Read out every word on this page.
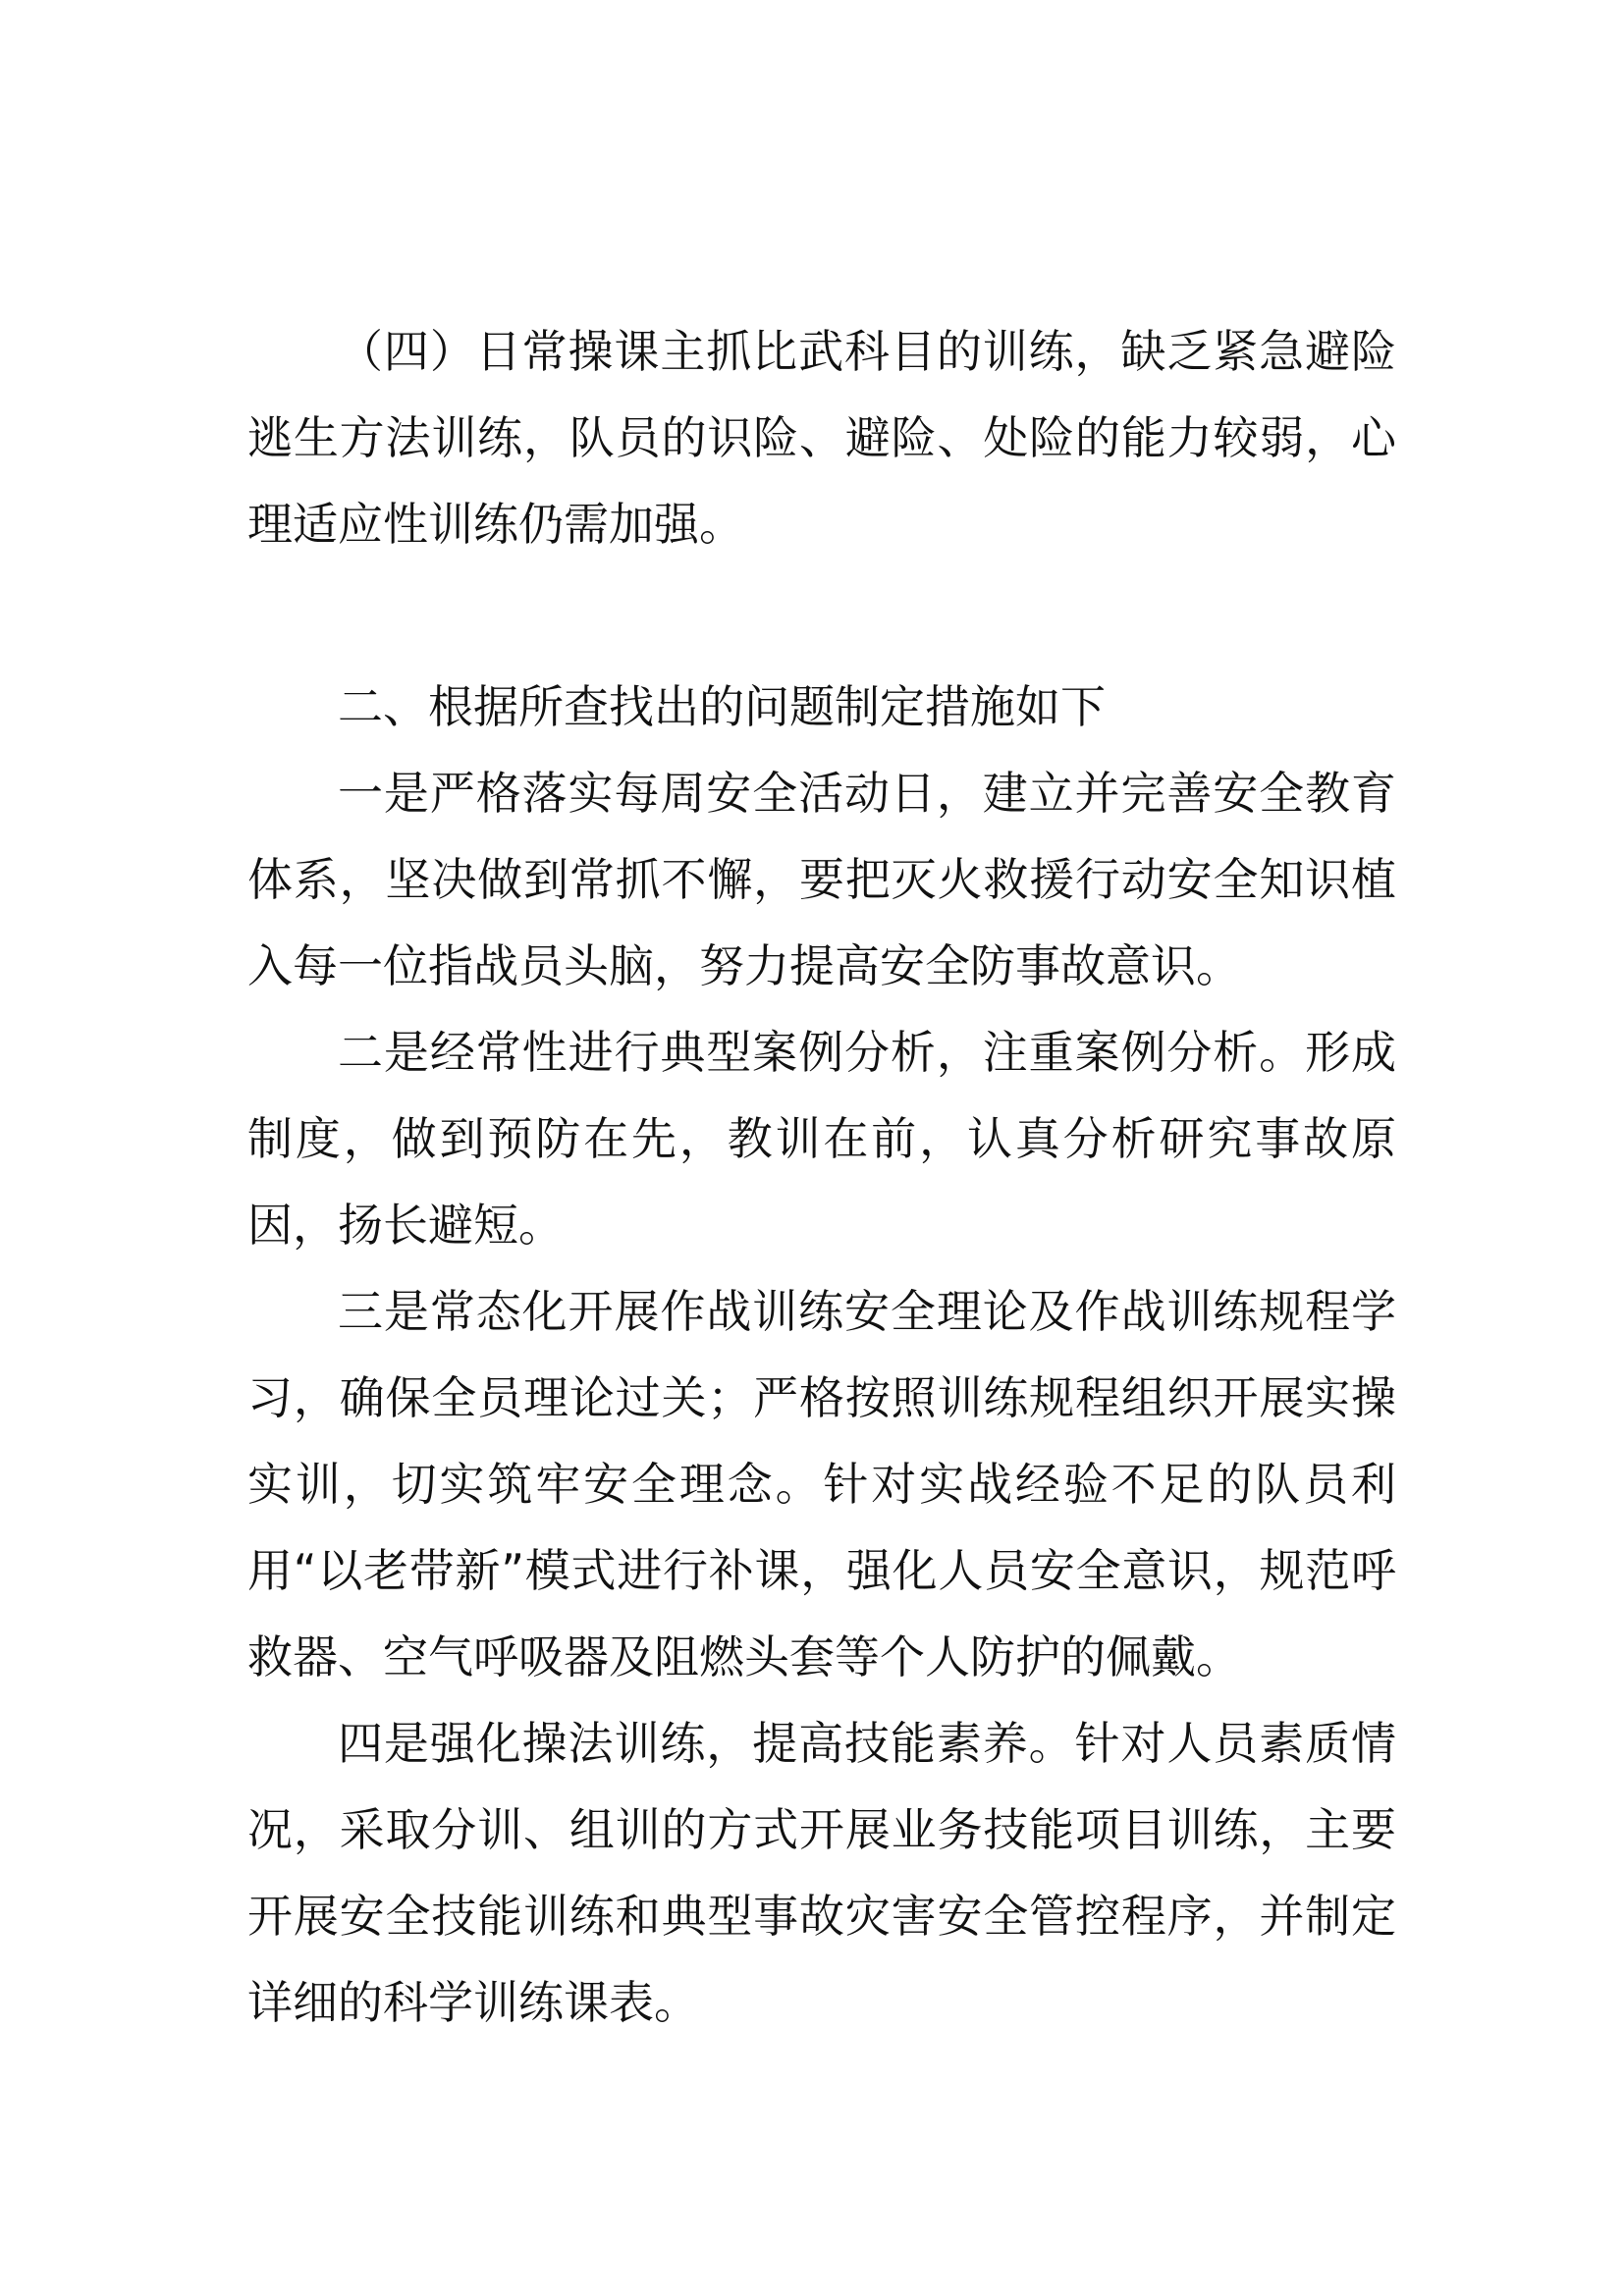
（四）日常操课主抓比武科目的训练，缺乏紧急避险逃生方法训练，队员的识险、避险、处险的能力较弱，心理适应性训练仍需加强。

二、根据所查找出的问题制定措施如下

一是严格落实每周安全活动日，建立并完善安全教育体系，坚决做到常抓不懈，要把灭火救援行动安全知识植入每一位指战员头脑，努力提高安全防事故意识。

二是经常性进行典型案例分析，注重案例分析。形成制度，做到预防在先，教训在前，认真分析研究事故原因，扬长避短。

三是常态化开展作战训练安全理论及作战训练规程学习，确保全员理论过关；严格按照训练规程组织开展实操实训，切实筑牢安全理念。针对实战经验不足的队员利用“以老带新”模式进行补课，强化人员安全意识，规范呼救器、空气呼吸器及阻燃头套等个人防护的佩戴。

四是强化操法训练，提高技能素养。针对人员素质情况，采取分训、组训的方式开展业务技能项目训练，主要开展安全技能训练和典型事故灾害安全管控程序，并制定详细的科学训练课表。
